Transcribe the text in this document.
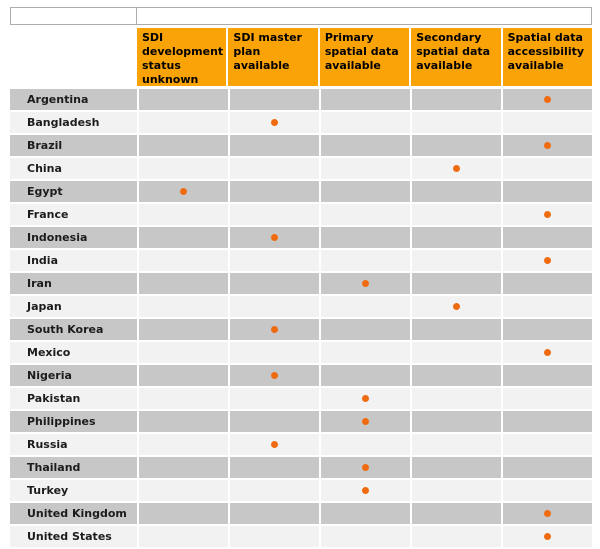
SDI development status unknown
SDI master plan available
Primary spatial data available
Secondary spatial data available
Spatial data accessibility available
Argentina
Bangladesh
Brazil
China
Egypt
France
Indonesia
India
Iran
Japan
South Korea
Mexico
Nigeria
Pakistan
Philippines
Russia
Thailand
Turkey
United Kingdom
United States
